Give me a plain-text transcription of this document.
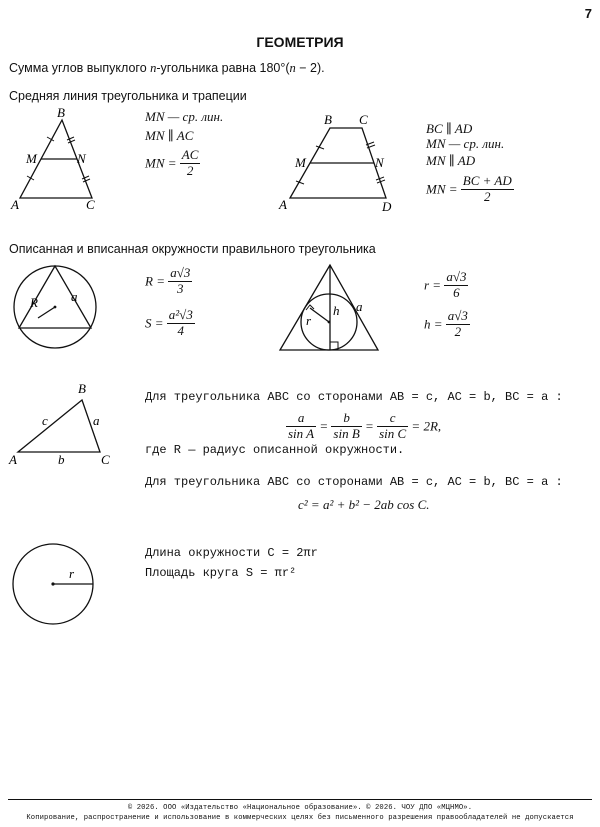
7
ГЕОМЕТРИЯ
Сумма углов выпуклого n-угольника равна 180°(n − 2).
Средняя линия треугольника и трапеции
B
M	N
A	C
MN — ср. лин.
MN ∥ AC
MN = $\frac{AC}{2}$
B C
M	N
A	D
BC ∥ AD
MN — ср. лин.
MN ∥ AD
MN = $\frac{BC + AD}{2}$
Описанная и вписанная окружности правильного треугольника
R	a
$R = \frac{a√3}{3}$
$S = \frac{\text{a²√3}}{4}$	h
r
a
$r = \frac{a√3}{6}$
$h = \frac{a√3}{2}$
B
A	C
c	a
b
Для треугольника ABC со сторонами AB = c, AC = b, BC = a :
$\frac{a}{\text{sin A}} = \frac{b}{\text{sin B}} = \frac{c}{\text{sin C}} = 2R$,
где R — радиус описанной окружности.
Для треугольника ABC со сторонами AB = c, AC = b, BC = a :
c² = a² + b² − 2ab cos C.
r
Длина окружности C = 2πr
Площадь круга S = πr²
© 2026. ООО «Издательство «Национальное образование». © 2026. ЧОУ ДПО «МЦНМО».
Копирование, распространение и использование в коммерческих целях без письменного разрешения правообладателей не допускается
